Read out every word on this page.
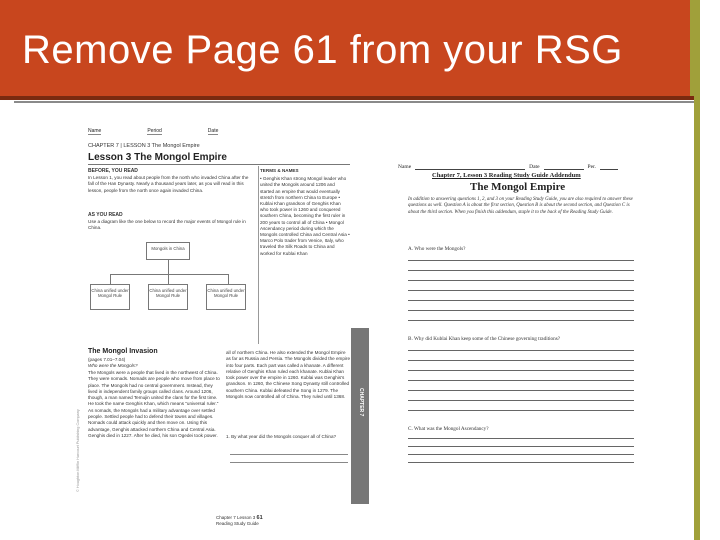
Remove Page 61 from your RSG
Name	Period	Date
CHAPTER 7 | LESSON 3 The Mongol Empire
Lesson 3 The Mongol Empire
BEFORE, YOU READ
In Lesson 1, you read about people from the north who invaded China after the fall of the Han Dynasty. Nearly a thousand years later, as you will read in this lesson, people from the north once again invaded China.
AS YOU READ
Use a diagram like the one below to record the major events of Mongol rule in China.
TERMS & NAMES
• Genghis Khan strong Mongol leader who united the Mongols around 1206 and started an empire that would eventually stretch from northern China to Europe • Kublai Khan grandson of Genghis Khan who took power in 1260 and conquered southern China, becoming the first ruler in 200 years to control all of China • Mongol Ascendancy period during which the Mongols controlled China and Central Asia • Marco Polo trader from Venice, Italy, who traveled the Silk Roads to China and worked for Kublai Khan
Mongols in China
China unified under Mongol Rule
China unified under Mongol Rule
China unified under Mongol Rule
CHAPTER 7
The Mongol Invasion
(pages 7.01–7.04)
Who were the Mongols?
The Mongols were a people that lived in the northwest of China. They were nomads. Nomads are people who move from place to place. The Mongols had no central government. Instead, they lived in independent family groups called clans. Around 1206, though, a man named Temujin united the clans for the first time. He took the name Genghis Khan, which means "universal ruler." As nomads, the Mongols had a military advantage over settled people. Settled people had to defend their towns and villages. Nomads could attack quickly and then move on. Using this advantage, Genghis attacked northern China and Central Asia. Genghis died in 1227. After he died, his son Ogedei took power.
all of northern China. He also extended the Mongol Empire as far as Russia and Persia. The Mongols divided the empire into four parts. Each part was called a khanate. A different relative of Genghis Khan ruled each khanate. Kublai Khan took power over the empire in 1260. Kublai was Genghis's grandson. In 1260, the Chinese Song Dynasty still controlled southern China. Kublai defeated the Song in 1279. The Mongols now controlled all of China. They ruled until 1368.
1. By what year did the Mongols conquer all of China?
Chapter 7 Lesson 3 61
Reading Study Guide
© Houghton Mifflin Harcourt Publishing Company
Name	Date	Per.
Chapter 7, Lesson 3 Reading Study Guide Addendum
The Mongol Empire
In addition to answering questions 1, 2, and 3 on your Reading Study Guide, you are also required to answer these questions as well. Question A is about the first section, Question B is about the second section, and Question C is about the third section. When you finish this addendum, staple it to the back of the Reading Study Guide.
A. Who were the Mongols?
B. Why did Kublai Khan keep some of the Chinese governing traditions?
C. What was the Mongol Ascendancy?
